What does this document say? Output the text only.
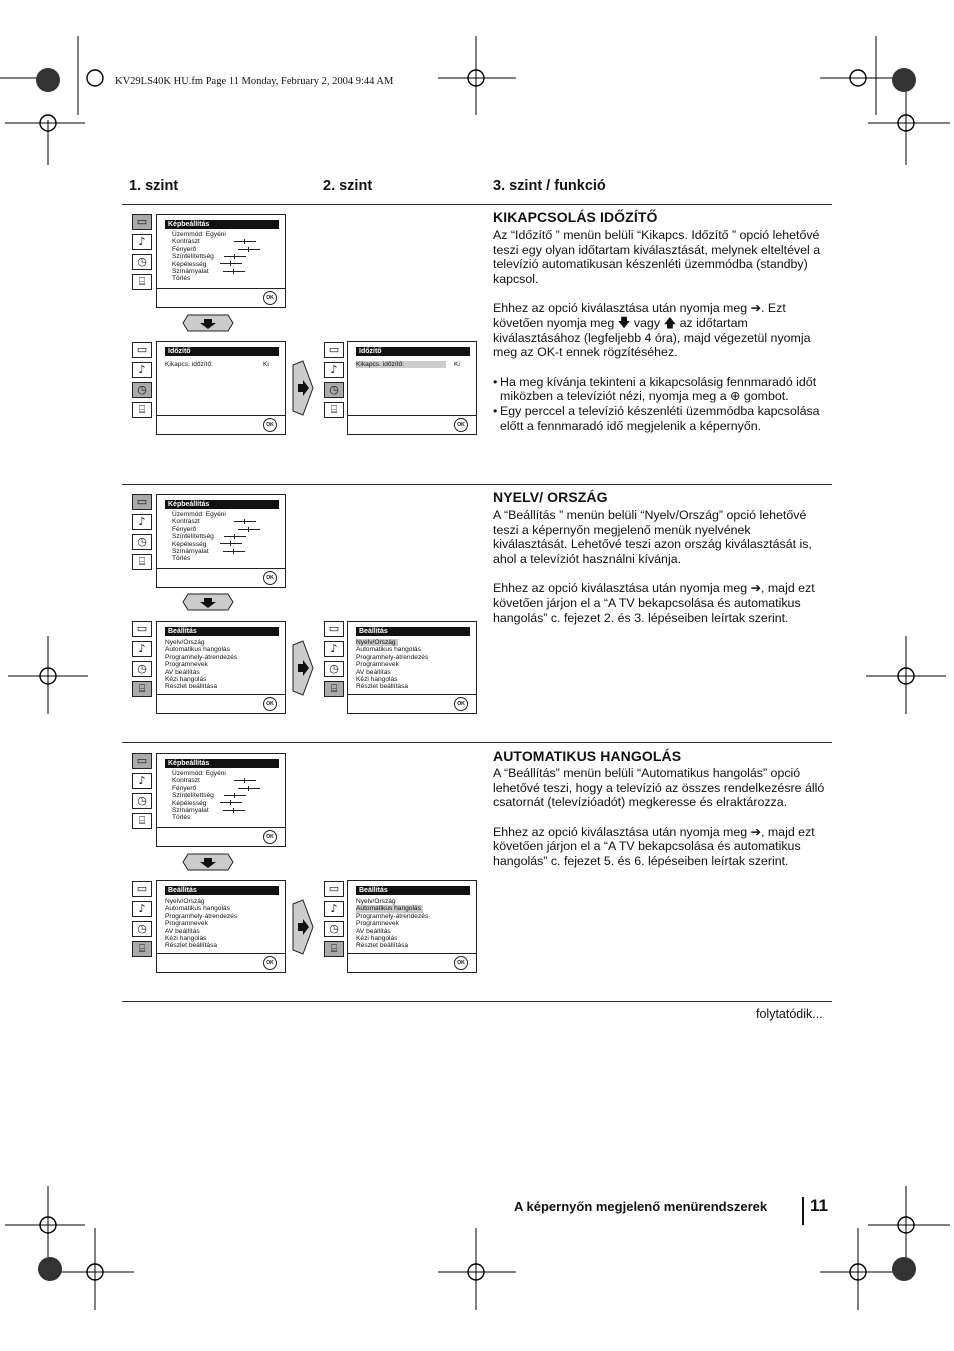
KV29LS40K HU.fm Page 11 Monday, February 2, 2004 9:44 AM
1. szint	2. szint	3. szint / funkció
KIKAPCSOLÁS IDŐZÍTŐ

Az “Időzítő ” menün belüli “Kikapcs. Időzítő ” opció lehetővé teszi egy olyan időtartam kiválasztását, melynek elteltével a televízió automatikusan készenléti üzemmódba (standby) kapcsol.

Ehhez az opció kiválasztása után nyomja meg ➔. Ezt követően nyomja meg 🡇 vagy 🡅 az időtartam kiválasztásához (legfeljebb 4 óra), majd végezetül nyomja meg az OK-t ennek rögzítéséhez.

• Ha meg kívánja tekinteni a kikapcsolásig fennmaradó időt miközben a televíziót nézi, nyomja meg a ⊕ gombot.
• Egy perccel a televízió készenléti üzemmódba kapcsolása előtt a fennmaradó idő megjelenik a képernyőn.
▭
♪
◷
⌸
Képbeállítás
Üzemmód: Egyéni
Kontraszt
Fényerő
Színtelítettség
Képélesség
Színárnyalat
Törlés
OK
▭
♪
◷
⌸
Időzítő
Kikapcs. időzítő:	Ki
OK
▭
♪
◷
⌸
Időzítő
Kikapcs. időzítő:	Ki
OK
NYELV/ ORSZÁG

A “Beállítás ” menün belüli “Nyelv/Ország” opció lehetővé teszi a képernyőn megjelenő menük nyelvének kiválasztását. Lehetővé teszi azon ország kiválasztását is, ahol a televíziót használni kívánja.

Ehhez az opció kiválasztása után nyomja meg ➔, majd ezt követően járjon el a “A TV bekapcsolása és automatikus hangolás” c. fejezet 2. és 3. lépéseiben leírtak szerint.

▭
♪
◷
⌸
Képbeállítás
Üzemmód: Egyéni
Kontraszt
Fényerő
Színtelítettség
Képélesség
Színárnyalat
Törlés
OK
▭
♪
◷
⌸
Beállítás
Nyelv/Ország
Automatikus hangolás
Programhely-átrendezés
Programnevek
AV beállítás
Kézi hangolás
Részlet beállítása
OK
▭
♪
◷
⌸
Beállítás
Nyelv/Ország
Automatikus hangolás
Programhely-átrendezés
Programnevek
AV beállítás
Kézi hangolás
Részlet beállítása
OK
AUTOMATIKUS HANGOLÁS

A “Beállítás” menün belüli “Automatikus hangolás” opció lehetővé teszi, hogy a televízió az összes rendelkezésre álló csatornát (televízióadót) megkeresse és elraktározza.

Ehhez az opció kiválasztása után nyomja meg ➔, majd ezt követően járjon el a “A TV bekapcsolása és automatikus hangolás” c. fejezet 5. és 6. lépéseiben leírtak szerint.

▭
♪
◷
⌸
Képbeállítás
Üzemmód: Egyéni
Kontraszt
Fényerő
Színtelítettség
Képélesség
Színárnyalat
Törlés
OK
▭
♪
◷
⌸
Beállítás
Nyelv/Ország
Automatikus hangolás
Programhely-átrendezés
Programnevek
AV beállítás
Kézi hangolás
Részlet beállítása
OK
▭
♪
◷
⌸
Beállítás
Nyelv/Ország
Automatikus hangolás
Programhely-átrendezés
Programnevek
AV beállítás
Kézi hangolás
Részlet beállítása
OK
folytatódik...
A képernyőn megjelenő menürendszerek	11
